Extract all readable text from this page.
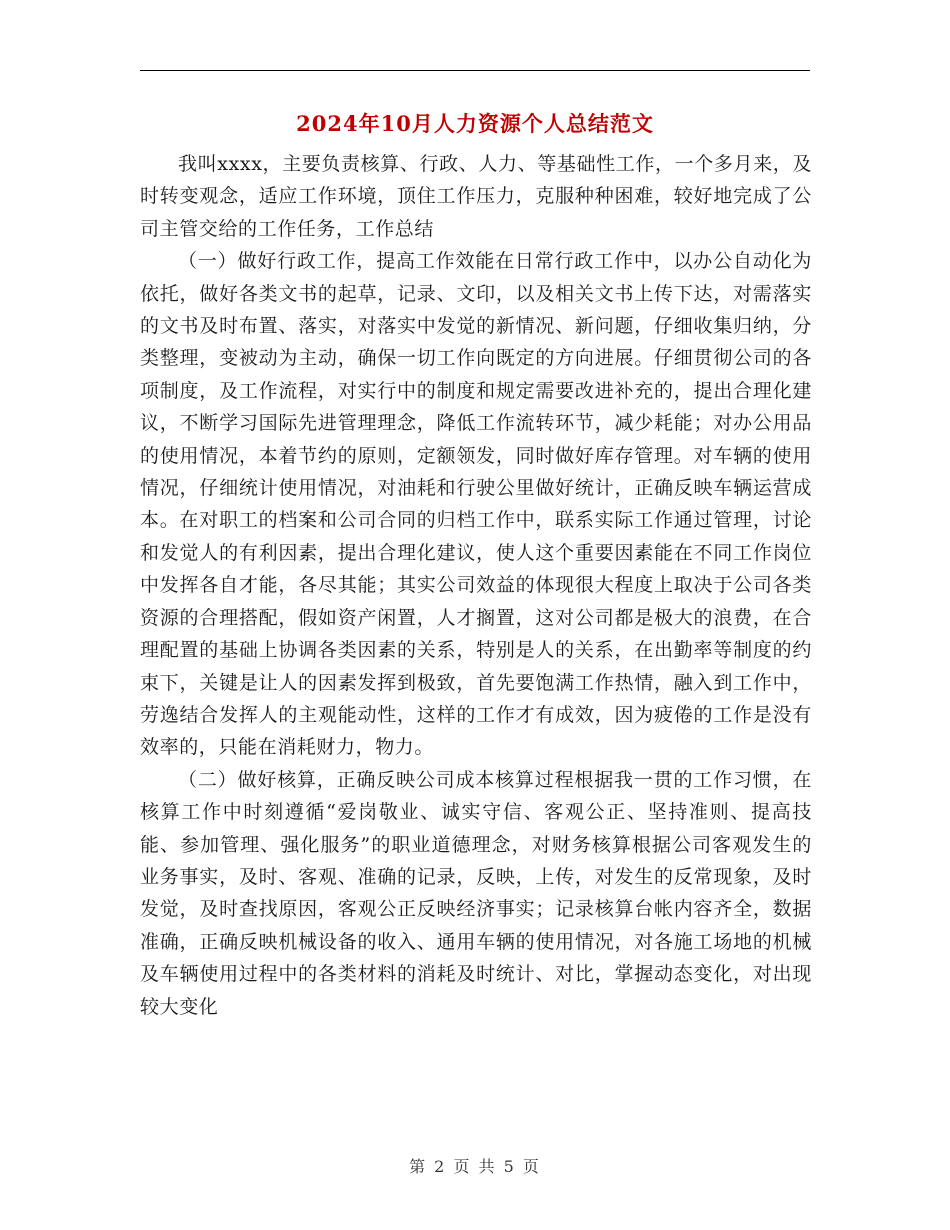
2024年10月人力资源个人总结范文

我叫xxxx，主要负责核算、行政、人力、等基础性工作，一个多月来，及时转变观念，适应工作环境，顶住工作压力，克服种种困难，较好地完成了公司主管交给的工作任务，工作总结

（一）做好行政工作，提高工作效能在日常行政工作中，以办公自动化为依托，做好各类文书的起草，记录、文印，以及相关文书上传下达，对需落实的文书及时布置、落实，对落实中发觉的新情况、新问题，仔细收集归纳，分类整理，变被动为主动，确保一切工作向既定的方向进展。仔细贯彻公司的各项制度，及工作流程，对实行中的制度和规定需要改进补充的，提出合理化建议，不断学习国际先进管理理念，降低工作流转环节，减少耗能；对办公用品的使用情况，本着节约的原则，定额领发，同时做好库存管理。对车辆的使用情况，仔细统计使用情况，对油耗和行驶公里做好统计，正确反映车辆运营成本。在对职工的档案和公司合同的归档工作中，联系实际工作通过管理，讨论和发觉人的有利因素，提出合理化建议，使人这个重要因素能在不同工作岗位中发挥各自才能，各尽其能；其实公司效益的体现很大程度上取决于公司各类资源的合理搭配，假如资产闲置，人才搁置，这对公司都是极大的浪费，在合理配置的基础上协调各类因素的关系，特别是人的关系，在出勤率等制度的约束下，关键是让人的因素发挥到极致，首先要饱满工作热情，融入到工作中，劳逸结合发挥人的主观能动性，这样的工作才有成效，因为疲倦的工作是没有效率的，只能在消耗财力，物力。

（二）做好核算，正确反映公司成本核算过程根据我一贯的工作习惯，在核算工作中时刻遵循“爱岗敬业、诚实守信、客观公正、坚持准则、提高技能、参加管理、强化服务”的职业道德理念，对财务核算根据公司客观发生的业务事实，及时、客观、准确的记录，反映，上传，对发生的反常现象，及时发觉，及时查找原因，客观公正反映经济事实；记录核算台帐内容齐全，数据准确，正确反映机械设备的收入、通用车辆的使用情况，对各施工场地的机械及车辆使用过程中的各类材料的消耗及时统计、对比，掌握动态变化，对出现较大变化

第 2 页 共 5 页
